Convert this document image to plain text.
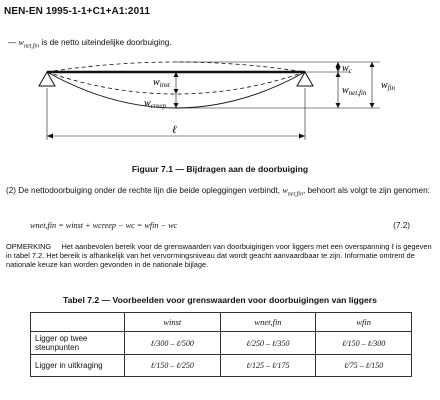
NEN-EN 1995-1-1+C1+A1:2011
— $w_{net,fin}$ is de netto uiteindelijke doorbuiging.
$w_{inst}$
$w_{creep}$
$w_c$
$w_{net,fin}$
$w_{fin}$
ℓ
Figuur 7.1 — Bijdragen aan de doorbuiging
(2) De nettodoorbuiging onder de rechte lijn die beide opleggingen verbindt, $w_{net,fin}$, behoort als volgt te zijn genomen:
wnet,fin = winst + wcreep − wc = wfin − wc	(7.2)
OPMERKING Het aanbevolen bereik voor de grenswaarden van doorbuigingen voor liggers met een overspanning ℓ is gegeven in tabel 7.2. Het bereik is afhankelijk van het vervormingsniveau dat wordt geacht aanvaardbaar te zijn. Informatie omtrent de nationale keuze kan worden gevonden in de nationale bijlage.
Tabel 7.2 — Voorbeelden voor grenswaarden voor doorbuigingen van liggers
	winst	wnet,fin	wfin
Ligger op twee steunpunten	ℓ/300 – ℓ/500	ℓ/250 – ℓ/350	ℓ/150 – ℓ/300
Ligger in uitkraging	ℓ/150 – ℓ/250	ℓ/125 – ℓ/175	ℓ/75 – ℓ/150
